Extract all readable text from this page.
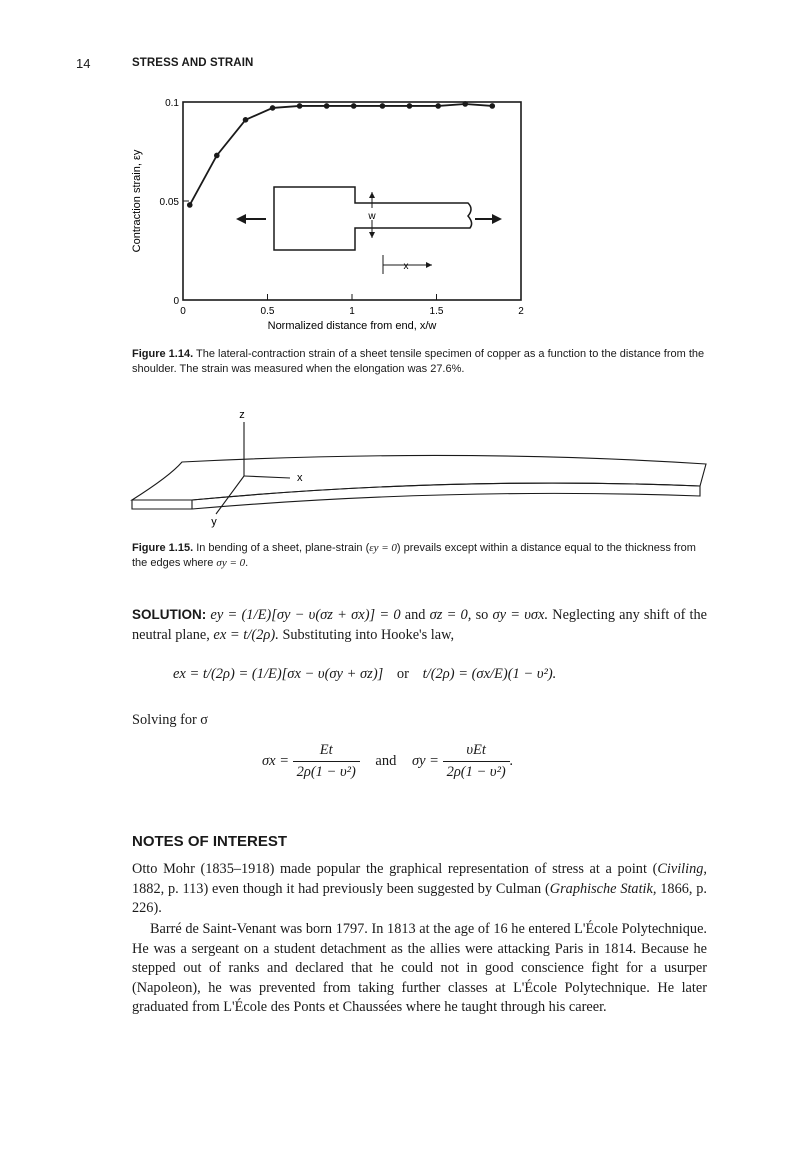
14	STRESS AND STRAIN
0	0.5	1	1.5	2
0
0.05
0.1
Contraction strain, εy
Normalized distance from end, x/w
w
x
Figure 1.14. The lateral-contraction strain of a sheet tensile specimen of copper as a function to the distance from the shoulder. The strain was measured when the elongation was 27.6%.
z
x
y
Figure 1.15. In bending of a sheet, plane-strain (εy = 0) prevails except within a distance equal to the thickness from the edges where σy = 0.
SOLUTION: ey = (1/E)[σy − υ(σz + σx)] = 0 and σz = 0, so σy = υσx. Neglecting any shift of the neutral plane, ex = t/(2ρ). Substituting into Hooke's law,
ex = t/(2ρ) = (1/E)[σx − υ(σy + σz)] or t/(2ρ) = (σx/E)(1 − υ²).
Solving for σ
$\sigma x = \frac{Et}{\text{2ρ(1 − υ²)}}$ and $\sigma y = \frac{\text{υEt}}{\text{2ρ(1 − υ²)}}$ .
NOTES OF INTEREST
Otto Mohr (1835–1918) made popular the graphical representation of stress at a point (Civiling, 1882, p. 113) even though it had previously been suggested by Culman (Graphische Statik, 1866, p. 226).
Barré de Saint-Venant was born 1797. In 1813 at the age of 16 he entered L'École Polytechnique. He was a sergeant on a student detachment as the allies were attacking Paris in 1814. Because he stepped out of ranks and declared that he could not in good conscience fight for a usurper (Napoleon), he was prevented from taking further classes at L'École Polytechnique. He later graduated from L'École des Ponts et Chaussées where he taught through his career.
